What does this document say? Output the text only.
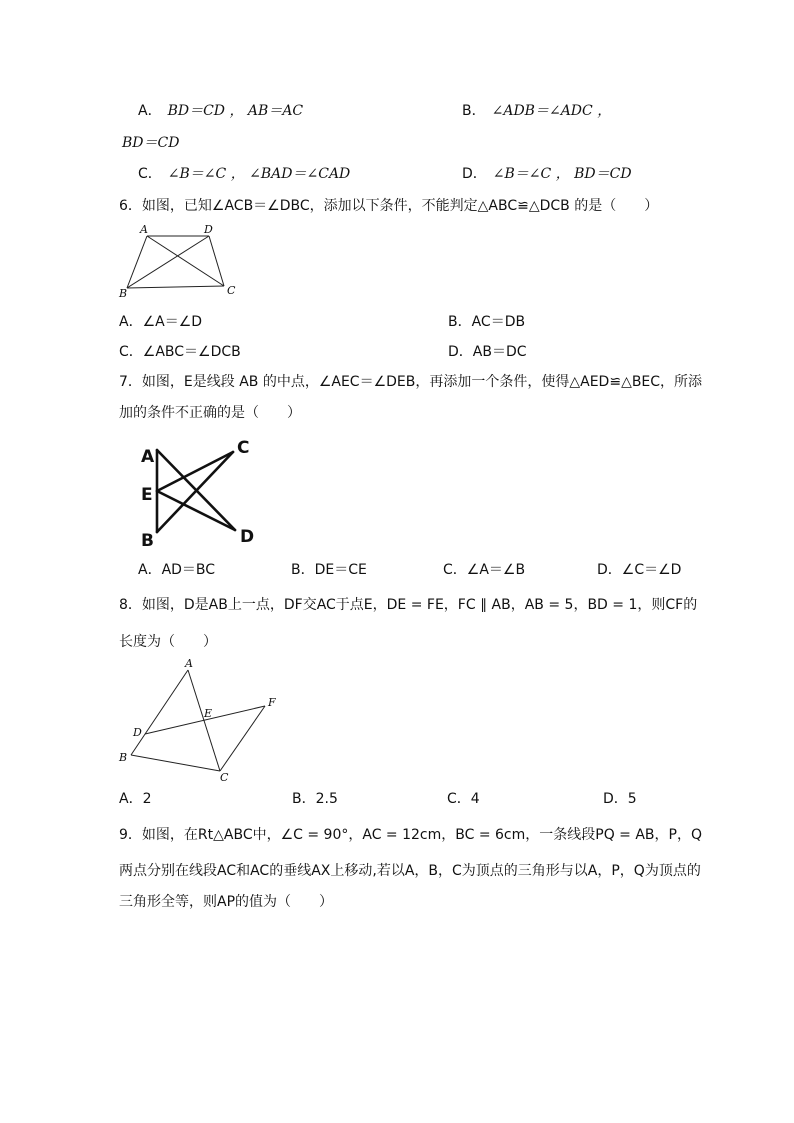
A． BD＝CD ， AB＝AC	B． ∠ADB＝∠ADC ，
BD＝CD
C． ∠B＝∠C ， ∠BAD＝∠CAD	D． ∠B＝∠C ， BD＝CD
6．如图，已知∠ACB＝∠DBC，添加以下条件，不能判定△ABC≌△DCB 的是（　　）
A	D
B	C
A．∠A＝∠D	B．AC＝DB
C．∠ABC＝∠DCB	D．AB＝DC
7．如图，E是线段 AB 的中点，∠AEC＝∠DEB，再添加一个条件，使得△AED≌△BEC，所添
加的条件不正确的是（　　）
A	C
E
B	D
A．AD＝BC	B．DE＝CE	C．∠A＝∠B	D．∠C＝∠D
8．如图，D是AB上一点，DF交AC于点E，DE = FE，FC ∥ AB，AB = 5，BD = 1，则CF的
长度为（　　）
A
E
F
D
B
C
A．2	B．2.5	C．4	D．5
9．如图，在Rt△ABC中，∠C = 90°，AC = 12cm，BC = 6cm，一条线段PQ = AB，P，Q
两点分别在线段AC和AC的垂线AX上移动,若以A，B，C为顶点的三角形与以A，P，Q为顶点的
三角形全等，则AP的值为（　　）
